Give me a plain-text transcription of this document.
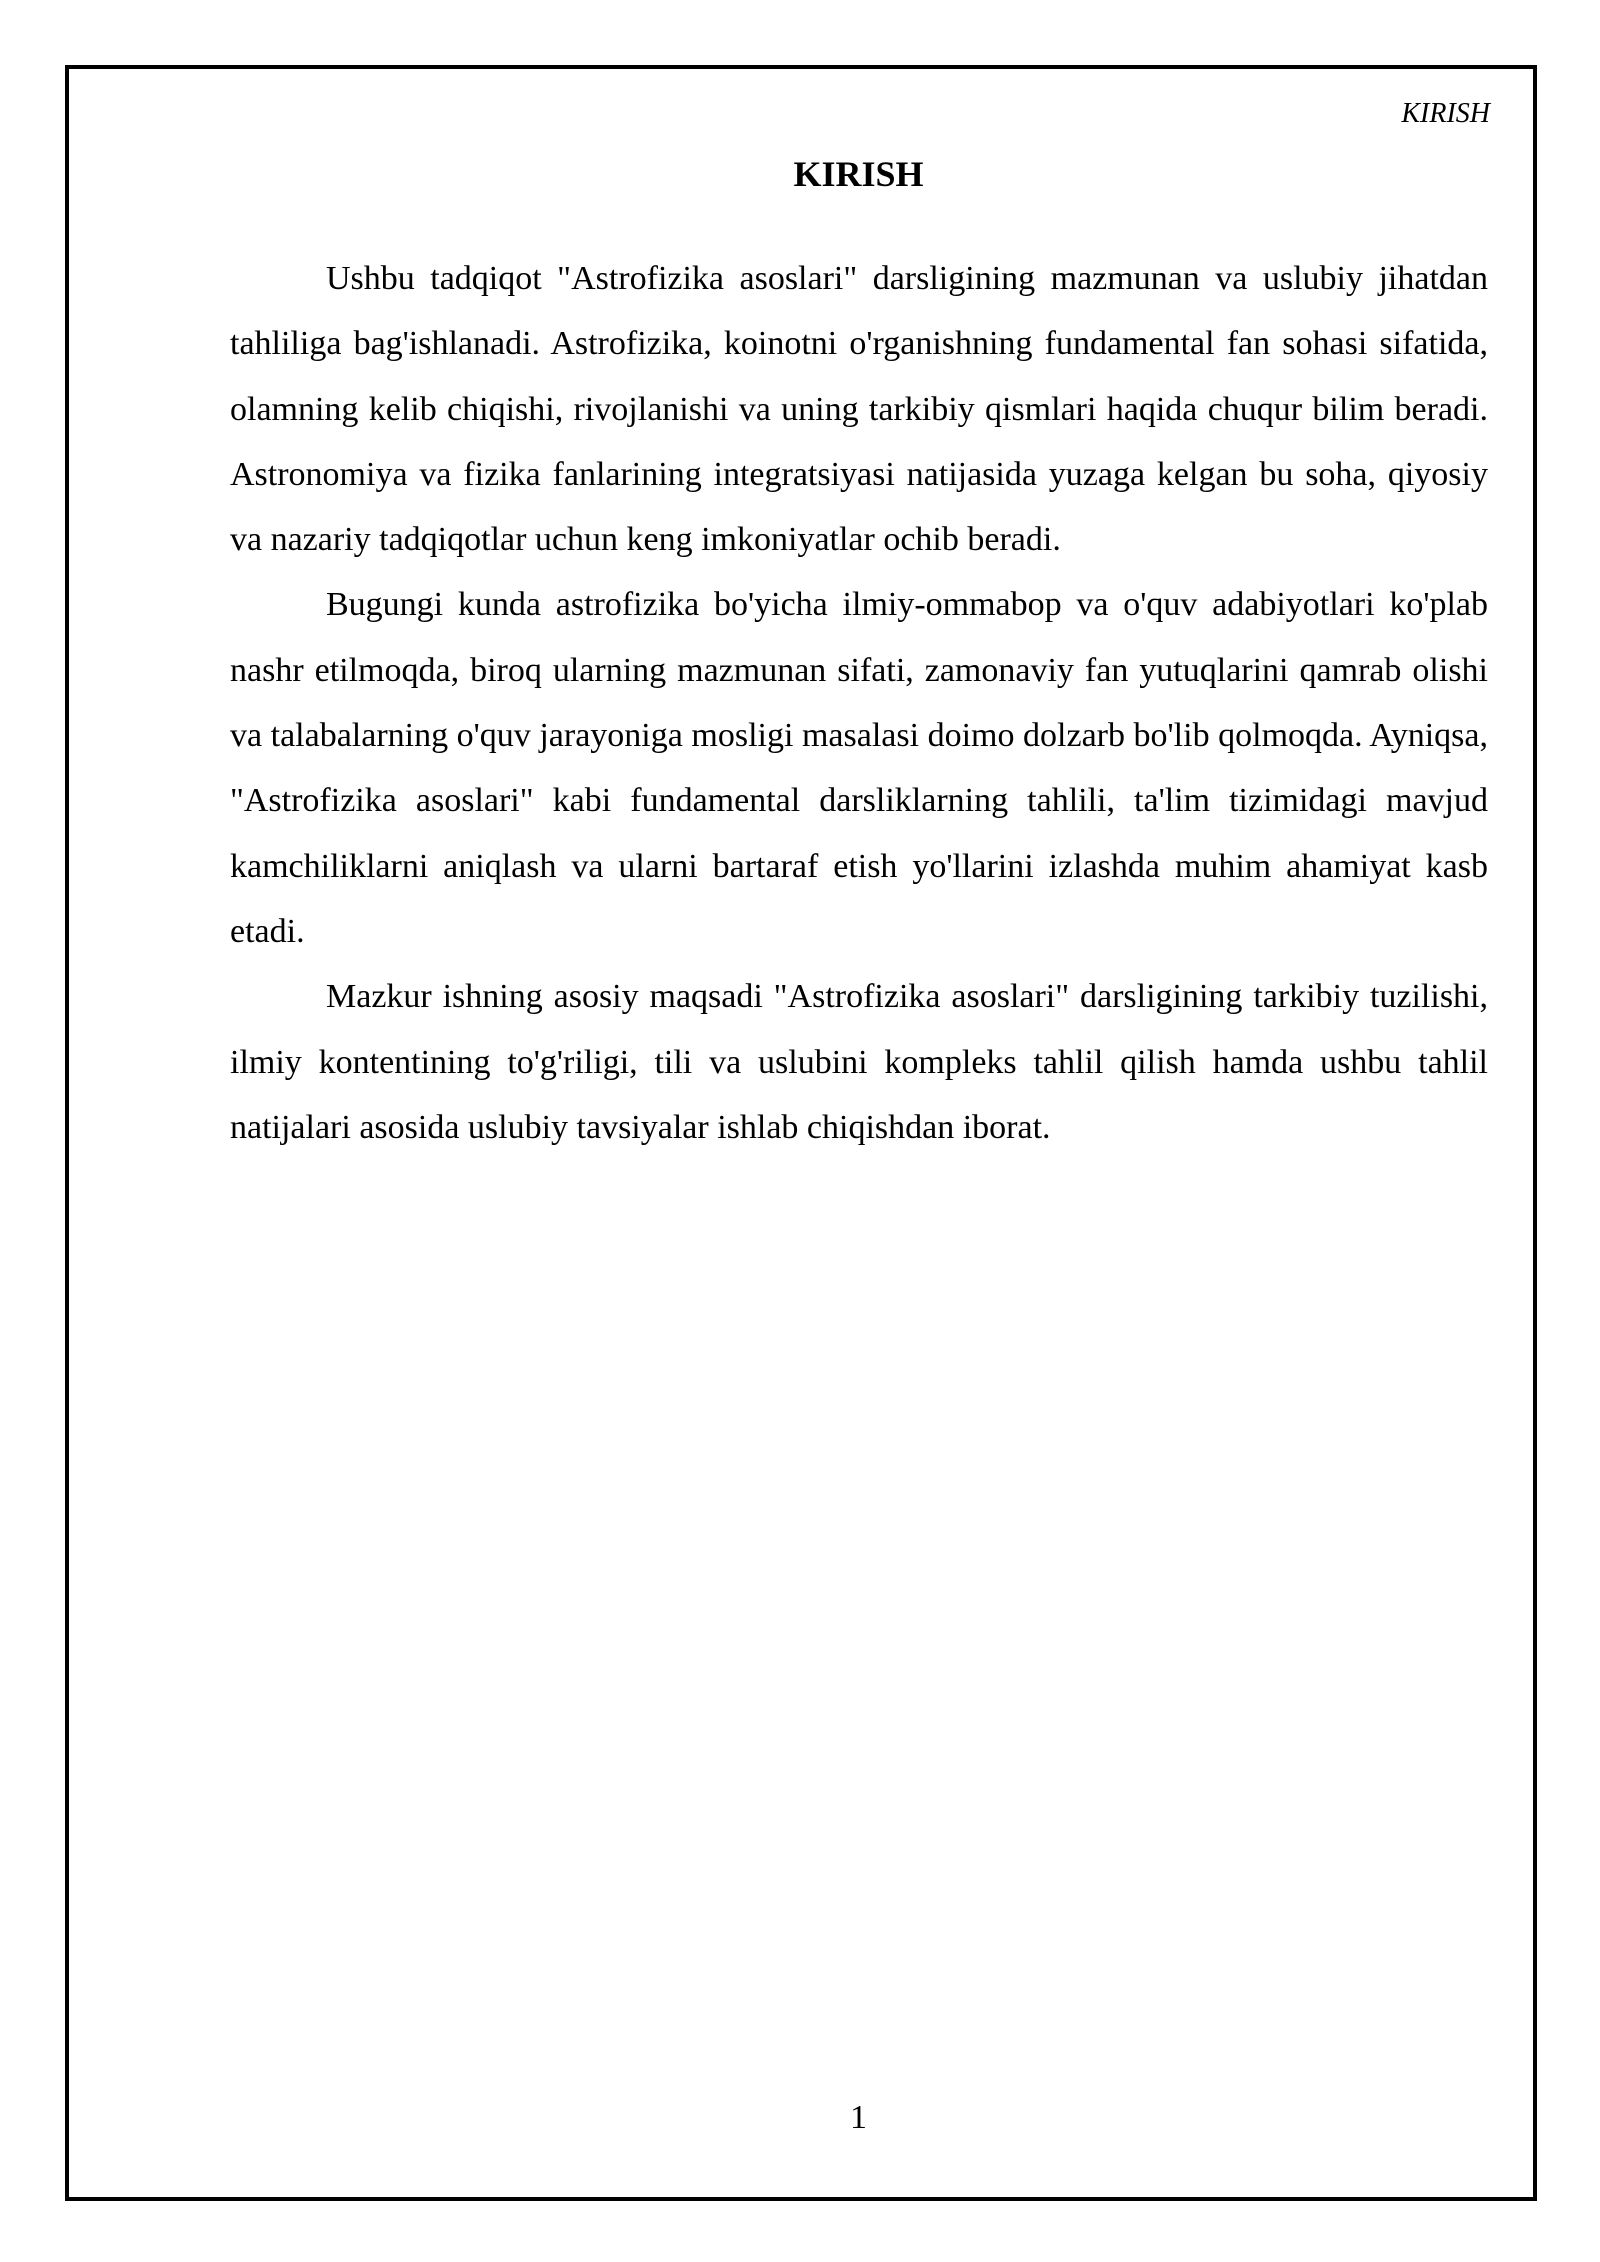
KIRISH
KIRISH

Ushbu tadqiqot "Astrofizika asoslari" darsligining mazmunan va uslubiy jihatdan tahliliga bag'ishlanadi. Astrofizika, koinotni o'rganishning fundamental fan sohasi sifatida, olamning kelib chiqishi, rivojlanishi va uning tarkibiy qismlari haqida chuqur bilim beradi. Astronomiya va fizika fanlarining integratsiyasi natijasida yuzaga kelgan bu soha, qiyosiy va nazariy tadqiqotlar uchun keng imkoniyatlar ochib beradi.

Bugungi kunda astrofizika bo'yicha ilmiy-ommabop va o'quv adabiyotlari ko'plab nashr etilmoqda, biroq ularning mazmunan sifati, zamonaviy fan yutuqlarini qamrab olishi va talabalarning o'quv jarayoniga mosligi masalasi doimo dolzarb bo'lib qolmoqda. Ayniqsa, "Astrofizika asoslari" kabi fundamental darsliklarning tahlili, ta'lim tizimidagi mavjud kamchiliklarni aniqlash va ularni bartaraf etish yo'llarini izlashda muhim ahamiyat kasb etadi.

Mazkur ishning asosiy maqsadi "Astrofizika asoslari" darsligining tarkibiy tuzilishi, ilmiy kontentining to'g'riligi, tili va uslubini kompleks tahlil qilish hamda ushbu tahlil natijalari asosida uslubiy tavsiyalar ishlab chiqishdan iborat.

1
